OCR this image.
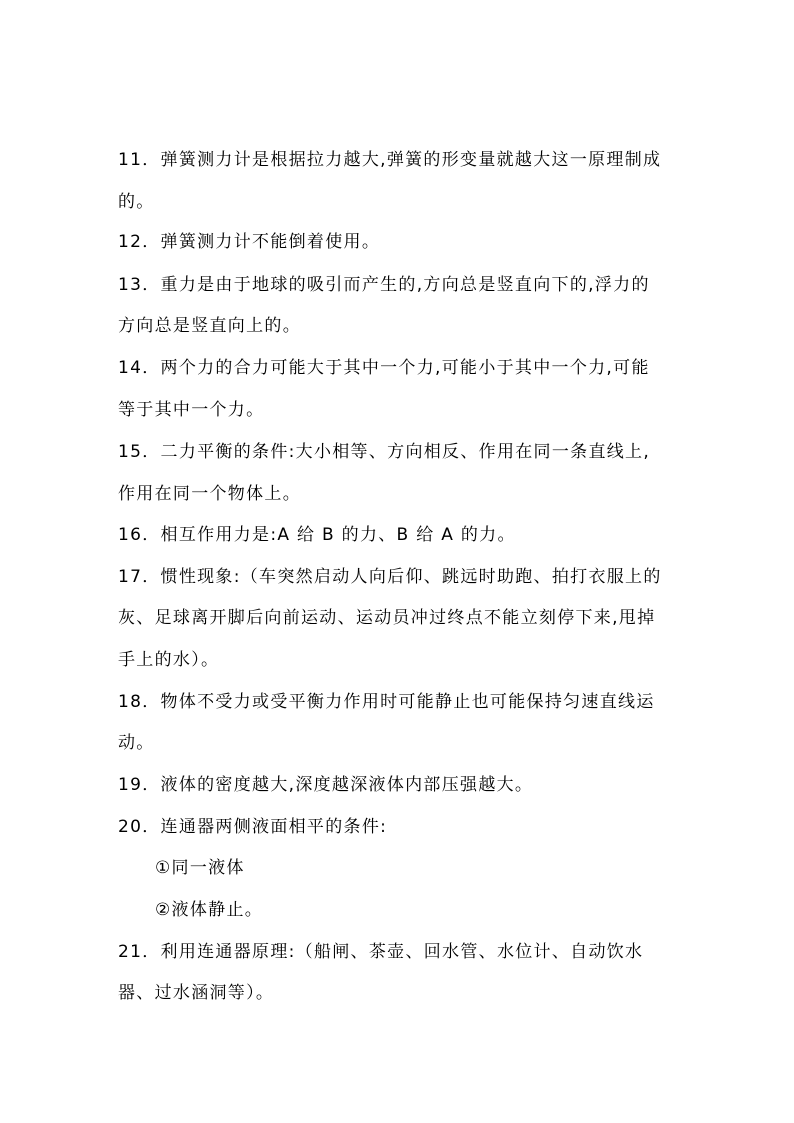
11．弹簧测力计是根据拉力越大,弹簧的形变量就越大这一原理制成
的。
12．弹簧测力计不能倒着使用。
13．重力是由于地球的吸引而产生的,方向总是竖直向下的,浮力的
方向总是竖直向上的。
14．两个力的合力可能大于其中一个力,可能小于其中一个力,可能
等于其中一个力。
15．二力平衡的条件:大小相等、方向相反、作用在同一条直线上,
作用在同一个物体上。
16．相互作用力是:A 给 B 的力、B 给 A 的力。
17．惯性现象:（车突然启动人向后仰、跳远时助跑、拍打衣服上的
灰、足球离开脚后向前运动、运动员冲过终点不能立刻停下来,甩掉
手上的水）。
18．物体不受力或受平衡力作用时可能静止也可能保持匀速直线运
动。
19．液体的密度越大,深度越深液体内部压强越大。
20．连通器两侧液面相平的条件:
①同一液体
②液体静止。
21．利用连通器原理:（船闸、茶壶、回水管、水位计、自动饮水
器、过水涵洞等）。
